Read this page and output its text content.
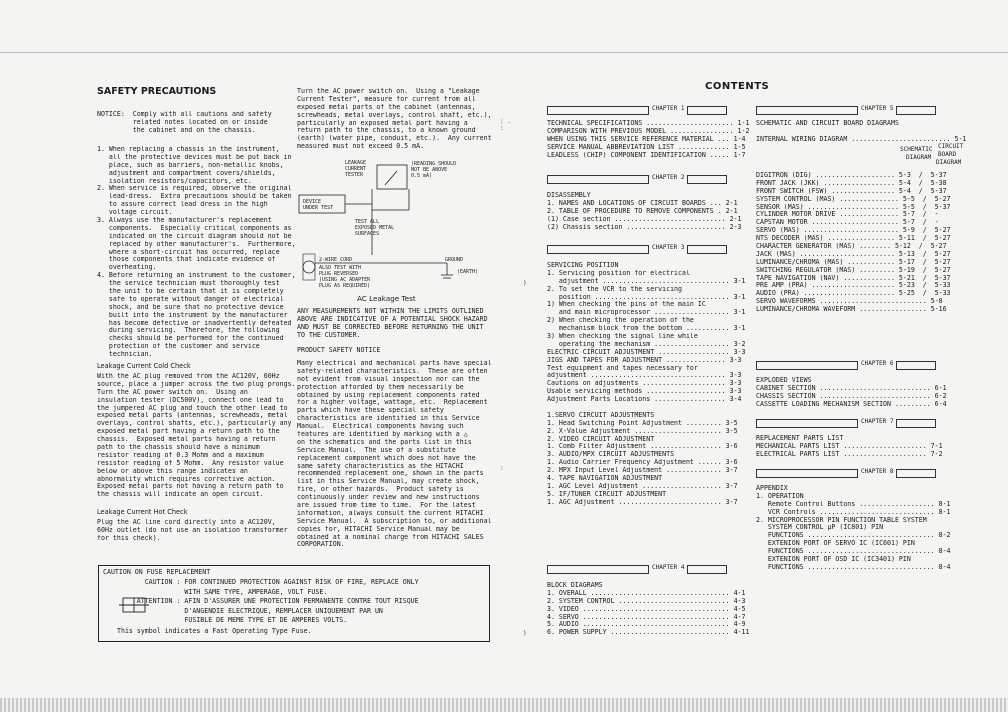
SAFETY PRECAUTIONS
NOTICE:  Comply with all cautions and safety
related notes located on or inside
the cabinet and on the chassis.
1. When replacing a chassis in the instrument,
all the protective devices must be put back in
place, such as barriers, non-metallic knobs,
adjustment and compartment covers/shields,
isolation resistors/capacitors, etc.
2. When service is required, observe the original
lead-dress.  Extra precautions should be taken
to assure correct lead dress in the high
voltage circuit.
3. Always use the manufacturer's replacement
components.  Especially critical components as
indicated on the circuit diagram should not be
replaced by other manufacturer's.  Furthermore,
where a short-circuit has occurred, replace
those components that indicate evidence of
overheating.
4. Before returning an instrument to the customer,
the service technician must thoroughly test
the unit to be certain that it is completely
safe to operate without danger of electrical
shock, and be sure that no protective device
built into the instrument by the manufacturer
has become defective or inadvertently defeated
during servicing.  Therefore, the following
checks should be performed for the continued
protection of the customer and service
technician.
Leakage Current Cold Check
With the AC plug removed from the AC120V, 60Hz
source, place a jumper across the two plug prongs.
Turn the AC power switch on.  Using an
insulation tester (DC500V), connect one lead to
the jumpered AC plug and touch the other lead to
exposed metal parts (antennas, screwheads, metal
overlays, control shafts, etc.), particularly any
exposed metal part having a return path to the
chassis.  Exposed metal parts having a return
path to the chassis should have a minimum
resistor reading of 0.3 Mohm and a maximum
resistor reading of 5 Mohm.  Any resistor value
below or above this range indicates an
abnormality which requires corrective action.
Exposed metal parts not having a return path to
the chassis will indicate an open circuit.
Leakage Current Hot Check
Plug the AC line cord directly into a AC120V,
60Hz outlet (do not use an isolation transformer
for this check).
Turn the AC power switch on.  Using a "Leakage
Current Tester", measure for current from all
exposed metal parts of the cabinet (antennas,
screwheads, metal overlays, control shaft, etc.),
particularly an exposed metal part having a
return path to the chassis, to a known ground
(earth) (water pipe, conduit, etc.).  Any current
measured must not exceed 0.5 mA.
LEAKAGE
CURRENT
TESTER
(READING SHOULD
NOT BE ABOVE
0.5 mA)
DEVICE
UNDER TEST
TEST ALL
EXPOSED METAL
SURFACES
2-WIRE CORD
ALSO TEST WITH
PLUG REVERSED
(USING AC ADAPTER
PLUG AS REQUIRED)
GROUND
(EARTH)
AC Leakage Test
ANY MEASUREMENTS NOT WITHIN THE LIMITS OUTLINED
ABOVE ARE INDICATIVE OF A POTENTIAL SHOCK HAZARD
AND MUST BE CORRECTED BEFORE RETURNING THE UNIT
TO THE CUSTOMER.
PRODUCT SAFETY NOTICE
Many electrical and mechanical parts have special
safety-related characteristics.  These are often
not evident from visual inspection nor can the
protection afforded by them necessarily be
obtained by using replacement components rated
for a higher voltage, wattage, etc.  Replacement
parts which have these special safety
characteristics are identified in this Service
Manual.  Electrical components having such
features are identified by marking with a △
on the schematics and the parts list in this
Service Manual.  The use of a substitute
replacement component which does not have the
same safety characteristics as the HITACHI
recommended replacement one, shown in the parts
list in this Service Manual, may create shock,
fire, or other hazards.  Product safety is
continuously under review and new instructions
are issued from time to time.  For the latest
information, always consult the current HITACHI
Service Manual.  A subscription to, or additional
copies for, HITACHI Service Manual may be
obtained at a nominal charge from HITACHI SALES
CORPORATION.
CAUTION ON FUSE REPLACEMENT
CAUTION : FOR CONTINUED PROTECTION AGAINST RISK OF FIRE, REPLACE ONLY
WITH SAME TYPE, AMPERAGE, VOLT FUSE.
ATTENTION : AFIN D'ASSURER UNE PROTECTION PERMANENTE CONTRE TOUT RISQUE
D'ANGENDIE ELECTRIQUE, REMPLACER UNIQUEMENT PAR UN
FUSIBLE DE MEME TYPE ET DE AMPERES VOLTS.
This symbol indicates a Fast Operating Type Fuse.
: .
:
)
:
)
CONTENTS
CHAPTER 1
TECHNICAL SPECIFICATIONS ...................... 1-1
COMPARISON WITH PREVIOUS MODEL ................ 1-2
WHEN USING THIS SERVICE REFERENCE MATERIAL ... 1-4
SERVICE MANUAL ABBREVIATION LIST ............. 1-5
LEADLESS (CHIP) COMPONENT IDENTIFICATION ..... 1-7
CHAPTER 2
DISASSEMBLY
1. NAMES AND LOCATIONS OF CIRCUIT BOARDS ... 2-1
2. TABLE OF PROCEDURE TO REMOVE COMPONENTS . 2-1
(1) Case section ............................ 2-1
(2) Chassis section ......................... 2-3
CHAPTER 3
SERVICING POSITION
1. Servicing position for electrical
adjustment ................................ 3-1
2. To set the VCR to the servicing
position .................................. 3-1
1) When checking the pins of the main IC
and main microprocessor ................... 3-1
2) When checking the operation of the
mechanism block from the bottom ........... 3-1
3) When checking the signal line while
operating the mechanism ................... 3-2
ELECTRIC CIRCUIT ADJUSTMENT .................. 3-3
JIGS AND TAPES FOR ADJUSTMENT ............... 3-3
Test equipment and tapes necessary for
adjustment .................................. 3-3
Cautions on adjustments ..................... 3-3
Usable servicing methods .................... 3-3
Adjustment Parts Locations .................. 3-4
1.SERVO CIRCUIT ADJUSTMENTS
1. Head Switching Point Adjustment ......... 3-5
2. X-Value Adjustment ...................... 3-5
2. VIDEO CIRCUIT ADJUSTMENT
1. Comb Filter Adjustment .................. 3-6
3. AUDIO/MPX CIRCUIT ADJUSTMENTS
1. Audio Carrier Frequency Adjustment ...... 3-6
2. MPX Input Level Adjustment .............. 3-7
4. TAPE NAVIGATION ADJUSTMENT
1. AGC Level Adjustment .................... 3-7
5. IF/TUNER CIRCUIT ADJUSTMENT
1. AGC Adjustment .......................... 3-7
CHAPTER 4
BLOCK DIAGRAMS
1. OVERALL ................................... 4-1
2. SYSTEM CONTROL ............................ 4-3
3. VIDEO ..................................... 4-5
4. SERVO ..................................... 4-7
5. AUDIO ..................................... 4-9
6. POWER SUPPLY .............................. 4-11
CHAPTER 5
SCHEMATIC AND CIRCUIT BOARD DIAGRAMS
INTERNAL WIRING DIAGRAM ......................... 5-1
SCHEMATIC
DIAGRAM
CIRCUIT
BOARD
DIAGRAM
DIGITRON (DIG) .................... 5-3  /  5-37
FRONT JACK (JKK) .................. 5-4  /  5-38
FRONT SWITCH (FSW) ................ 5-4  /  5-37
SYSTEM CONTROL (MAS) ............... 5-5  /  5-27
SENSOR (MAS) ....................... 5-5  /  5-37
CYLINDER MOTOR DRIVE ............... 5-7  /  -
CAPSTAN MOTOR ...................... 5-7  /  -
SERVO (MAS) ........................ 5-9  /  5-27
NTS DECODER (MAS) ................. 5-11  /  5-27
CHARACTER GENERATOR (MAS) ........ 5-12  /  5-27
JACK (MAS) ........................ 5-13  /  5-27
LUMINANCE/CHROMA (MAS) ............ 5-17  /  5-27
SWITCHING REGULATOR (MAS) ......... 5-19  /  5-27
TAPE NAVIGATION (NAV) ............. 5-21  /  5-37
PRE AMP (PRA) ..................... 5-23  /  5-33
AUDIO (PRA) ....................... 5-25  /  5-33
SERVO WAVEFORMS ........................... 5-8
LUMINANCE/CHROMA WAVEFORM ................. 5-16
CHAPTER 6
EXPLODED VIEWS
CABINET SECTION ............................ 6-1
CHASSIS SECTION ............................ 6-2
CASSETTE LOADING MECHANISM SECTION ......... 6-4
CHAPTER 7
REPLACEMENT PARTS LIST
MECHANICAL PARTS LIST ..................... 7-1
ELECTRICAL PARTS LIST ..................... 7-2
CHAPTER 8
APPENDIX
1. OPERATION
Remote Control Buttons ................... 8-1
VCR Controls ............................. 8-1
2. MICROPROCESSOR PIN FUNCTION TABLE SYSTEM
SYSTEM CONTROL μP (IC801) PIN
FUNCTIONS ................................ 8-2
EXTENION PORT OF SERVO IC (IC601) PIN
FUNCTIONS ................................ 8-4
EXTENION PORT OF OSD IC (IC3401) PIN
FUNCTIONS ................................ 8-4
